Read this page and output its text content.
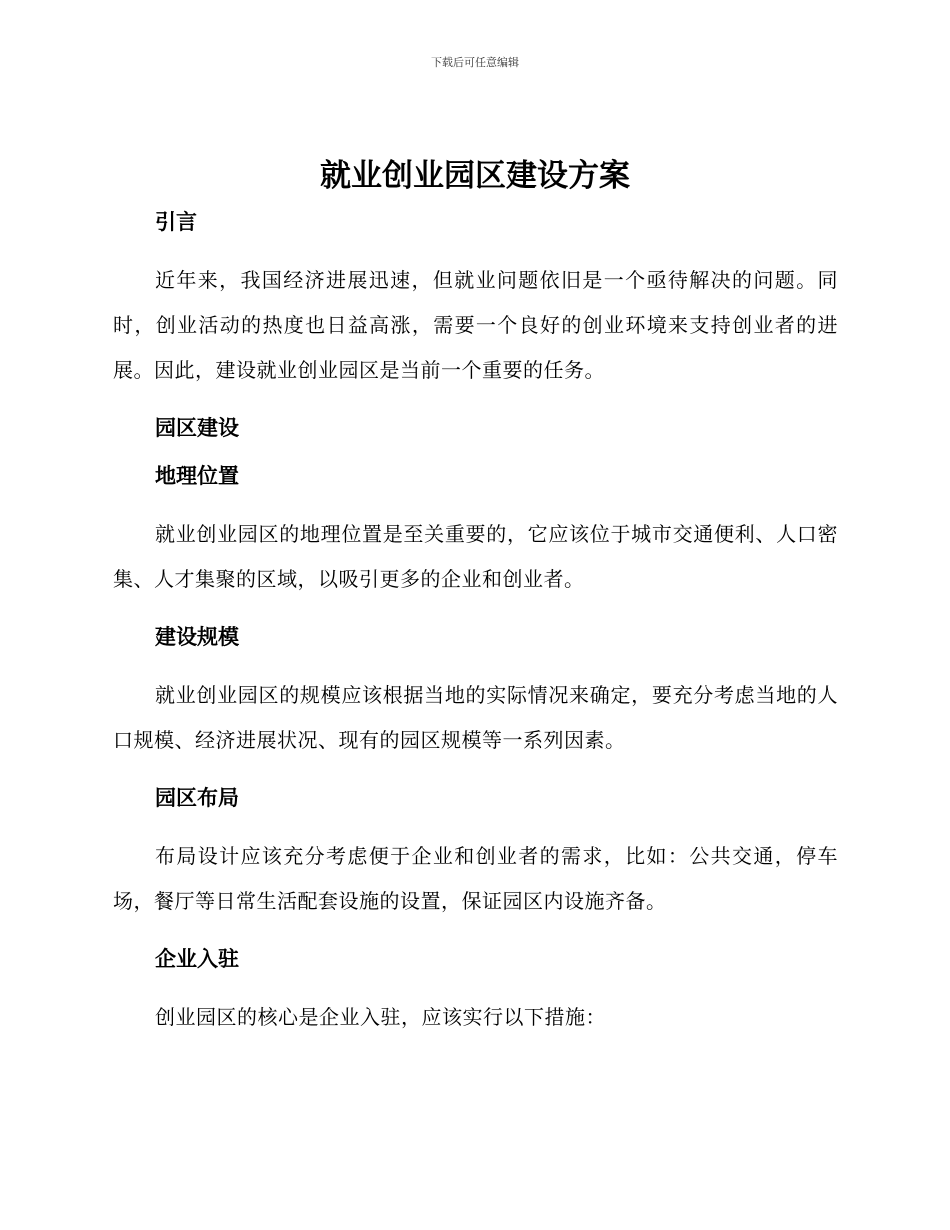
下载后可任意编辑
就业创业园区建设方案
引言

近年来，我国经济进展迅速，但就业问题依旧是一个亟待解决的问题。同时，创业活动的热度也日益高涨，需要一个良好的创业环境来支持创业者的进展。因此，建设就业创业园区是当前一个重要的任务。

园区建设
地理位置

就业创业园区的地理位置是至关重要的，它应该位于城市交通便利、人口密集、人才集聚的区域，以吸引更多的企业和创业者。

建设规模

就业创业园区的规模应该根据当地的实际情况来确定，要充分考虑当地的人口规模、经济进展状况、现有的园区规模等一系列因素。

园区布局

布局设计应该充分考虑便于企业和创业者的需求，比如：公共交通，停车场，餐厅等日常生活配套设施的设置，保证园区内设施齐备。

企业入驻

创业园区的核心是企业入驻，应该实行以下措施：
